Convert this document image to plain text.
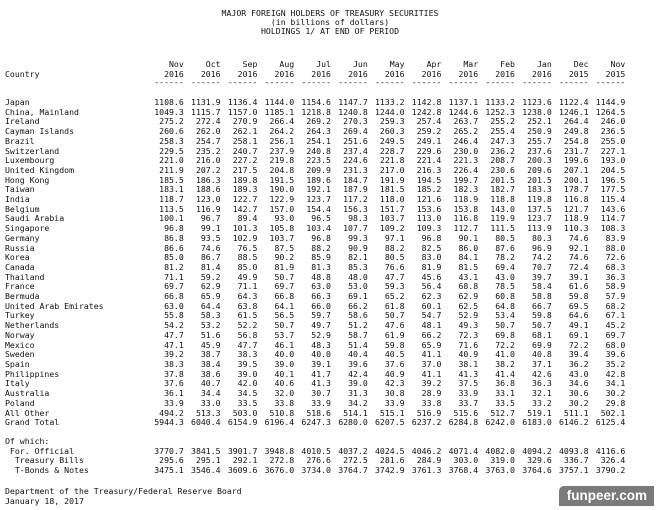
MAJOR FOREIGN HOLDERS OF TREASURY SECURITIES
(in billions of dollars)
HOLDINGS 1/ AT END OF PERIOD
	Nov	Oct	Sep	Aug	Jul	Jun	May	Apr	Mar	Feb	Jan	Dec	Nov
Country	2016	2016	2016	2016	2016	2016	2016	2016	2016	2016	2016	2015	2015
	------	------	------	------	------	------	------	------	------	------	------	------	------

Japan	1108.6	1131.9	1136.4	1144.0	1154.6	1147.7	1133.2	1142.8	1137.1	1133.2	1123.6	1122.4	1144.9
China, Mainland	1049.3	1115.7	1157.0	1185.1	1218.8	1240.8	1244.0	1242.8	1244.6	1252.3	1238.0	1246.1	1264.5
Ireland	275.2	272.4	270.9	266.4	269.2	270.3	259.3	257.4	263.7	255.2	252.1	264.4	246.0
Cayman Islands	260.6	262.0	262.1	264.2	264.3	269.4	260.3	259.2	265.2	255.4	250.9	249.8	236.5
Brazil	258.3	254.7	258.1	256.1	254.1	251.6	249.5	249.1	246.4	247.3	255.7	254.8	255.0
Switzerland	229.5	235.2	240.7	237.9	240.8	237.4	228.7	229.6	230.0	236.2	237.6	231.7	227.1
Luxembourg	221.0	216.0	227.2	219.8	223.5	224.6	221.8	221.4	221.3	208.7	200.3	199.6	193.0
United Kingdom	211.9	207.2	217.5	204.8	209.9	231.3	217.0	216.3	226.4	230.6	209.6	207.1	204.5
Hong Kong	185.5	186.3	189.8	191.5	189.6	184.7	191.9	194.5	199.7	201.5	201.5	200.1	196.5
Taiwan	183.1	188.6	189.3	190.0	192.1	187.9	181.5	185.2	182.3	182.7	183.3	178.7	177.5
India	118.7	123.0	122.7	122.9	123.7	117.2	118.0	121.6	118.9	118.8	119.8	116.8	115.4
Belgium	113.5	116.9	142.7	157.0	154.4	156.3	151.7	153.6	153.8	143.0	137.5	121.7	143.6
Saudi Arabia	100.1	96.7	89.4	93.0	96.5	98.3	103.7	113.0	116.8	119.9	123.7	118.9	114.7
Singapore	96.8	99.1	101.3	105.8	103.4	107.7	109.2	109.3	112.7	111.5	113.9	110.3	108.3
Germany	86.8	93.5	102.9	103.7	96.8	99.3	97.1	96.8	90.1	80.5	80.3	74.6	83.9
Russia	86.6	74.6	76.5	87.5	88.2	90.9	88.2	82.5	86.0	87.6	96.9	92.1	88.0
Korea	85.0	86.7	88.5	90.2	85.9	82.1	80.5	83.0	84.1	78.2	74.2	74.6	72.6
Canada	81.2	81.4	85.0	81.9	81.3	85.3	76.6	81.9	81.5	69.4	70.7	72.4	68.3
Thailand	71.1	59.2	49.9	50.7	48.8	48.0	47.7	45.6	43.1	43.0	39.7	39.1	36.3
France	69.7	62.9	71.1	69.7	63.0	53.0	59.3	56.4	68.8	78.5	58.4	61.6	58.9
Bermuda	66.8	65.9	64.3	66.8	66.3	69.1	65.2	62.3	62.9	60.8	58.8	59.8	57.9
United Arab Emirates	63.0	64.4	63.8	64.1	66.0	66.2	61.8	60.1	62.5	64.8	66.7	69.5	68.2
Turkey	55.8	58.3	61.5	56.5	59.7	58.6	50.7	54.7	52.9	53.4	59.8	64.6	67.1
Netherlands	54.2	53.2	52.2	50.7	49.7	51.2	47.6	48.1	49.3	50.7	50.7	49.1	45.2
Norway	47.7	51.6	56.8	53.7	52.9	58.7	61.9	66.2	72.3	69.8	68.1	69.1	69.7
Mexico	47.1	45.9	47.7	46.1	48.3	51.4	59.8	65.9	71.6	72.2	69.9	72.2	68.0
Sweden	39.2	38.7	38.3	40.0	40.0	40.4	40.5	41.1	40.9	41.0	40.8	39.4	39.6
Spain	38.3	38.4	39.5	39.0	39.1	39.6	37.6	37.0	38.1	38.2	37.1	36.2	35.2
Philippines	37.8	38.6	39.0	40.1	41.7	42.4	40.9	41.1	41.3	41.4	42.6	43.0	42.8
Italy	37.6	40.7	42.0	40.6	41.3	39.0	42.3	39.2	37.5	36.8	36.3	34.6	34.1
Australia	36.1	34.4	34.5	32.0	30.7	31.3	30.8	28.9	33.9	33.1	32.1	30.6	30.2
Poland	33.9	33.0	33.5	33.8	33.9	34.2	33.9	33.8	33.7	33.5	33.2	30.2	29.8
All Other	494.2	513.3	503.0	510.8	518.6	514.1	515.1	516.9	515.6	512.7	519.1	511.1	502.1
Grand Total	5944.3	6040.4	6154.9	6196.4	6247.3	6280.0	6207.5	6237.2	6284.8	6242.0	6183.0	6146.2	6125.4

Of which:													
For. Official	3770.7	3841.5	3901.7	3948.8	4010.5	4037.2	4024.5	4046.2	4071.4	4082.0	4094.2	4093.8	4116.6
Treasury Bills	295.6	295.1	292.1	272.8	276.6	272.5	281.6	284.9	303.0	319.0	329.6	336.7	326.4
T-Bonds & Notes	3475.1	3546.4	3609.6	3676.0	3734.0	3764.7	3742.9	3761.3	3768.4	3763.0	3764.6	3757.1	3790.2
Department of the Treasury/Federal Reserve Board
January 18, 2017	funpeer.com
